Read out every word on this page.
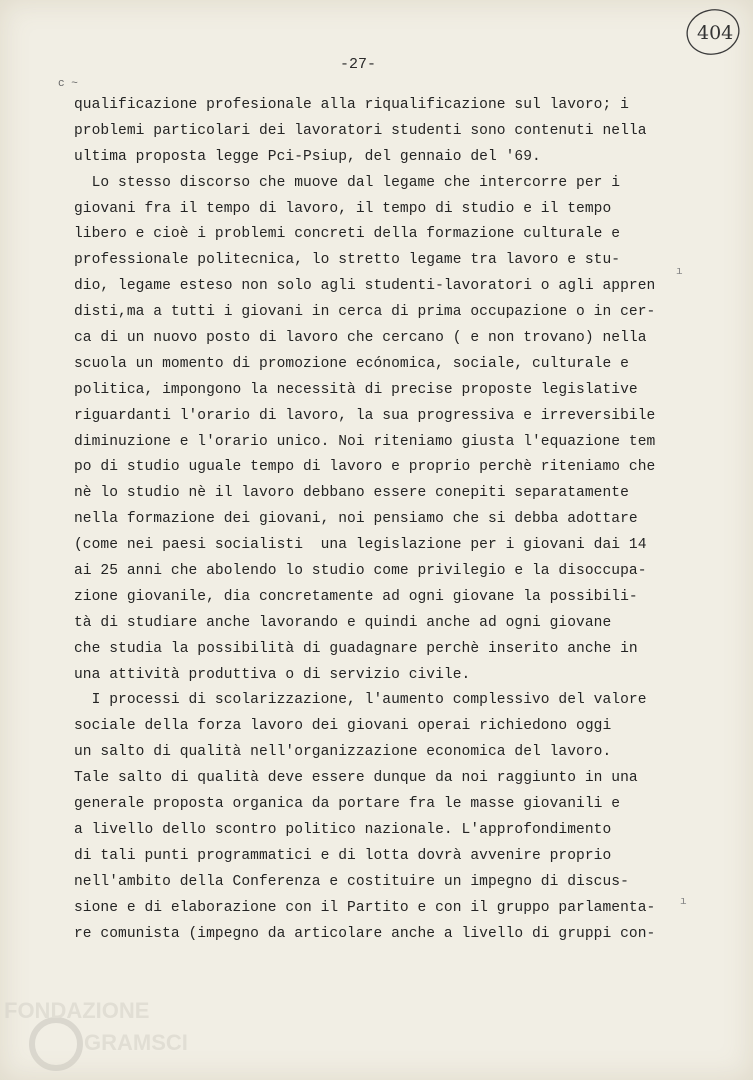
404
c ~
-27-
qualificazione profesionale alla riqualificazione sul lavoro; i
problemi particolari dei lavoratori studenti sono contenuti nella
ultima proposta legge Pci-Psiup, del gennaio del '69.
Lo stesso discorso che muove dal legame che intercorre per i
giovani fra il tempo di lavoro, il tempo di studio e il tempo
libero e cioè i problemi concreti della formazione culturale e
professionale politecnica, lo stretto legame tra lavoro e stu-
dio, legame esteso non solo agli studenti-lavoratori o agli appren
disti,ma a tutti i giovani in cerca di prima occupazione o in cer-
ca di un nuovo posto di lavoro che cercano ( e non trovano) nella
scuola un momento di promozione ecónomica, sociale, culturale e
politica, impongono la necessità di precise proposte legislative
riguardanti l'orario di lavoro, la sua progressiva e irreversibile
diminuzione e l'orario unico. Noi riteniamo giusta l'equazione tem
po di studio uguale tempo di lavoro e proprio perchè riteniamo che
nè lo studio nè il lavoro debbano essere conepiti separatamente
nella formazione dei giovani, noi pensiamo che si debba adottare
(come nei paesi socialisti  una legislazione per i giovani dai 14
ai 25 anni che abolendo lo studio come privilegio e la disoccupa-
zione giovanile, dia concretamente ad ogni giovane la possibili-
tà di studiare anche lavorando e quindi anche ad ogni giovane
che studia la possibilità di guadagnare perchè inserito anche in
una attività produttiva o di servizio civile.
I processi di scolarizzazione, l'aumento complessivo del valore
sociale della forza lavoro dei giovani operai richiedono oggi
un salto di qualità nell'organizzazione economica del lavoro.
Tale salto di qualità deve essere dunque da noi raggiunto in una
generale proposta organica da portare fra le masse giovanili e
a livello dello scontro politico nazionale. L'approfondimento
di tali punti programmatici e di lotta dovrà avvenire proprio
nell'ambito della Conferenza e costituire un impegno di discus-
sione e di elaborazione con il Partito e con il gruppo parlamenta-
re comunista (impegno da articolare anche a livello di gruppi con-
ı
ı
FONDAZIONE
GRAMSCI
